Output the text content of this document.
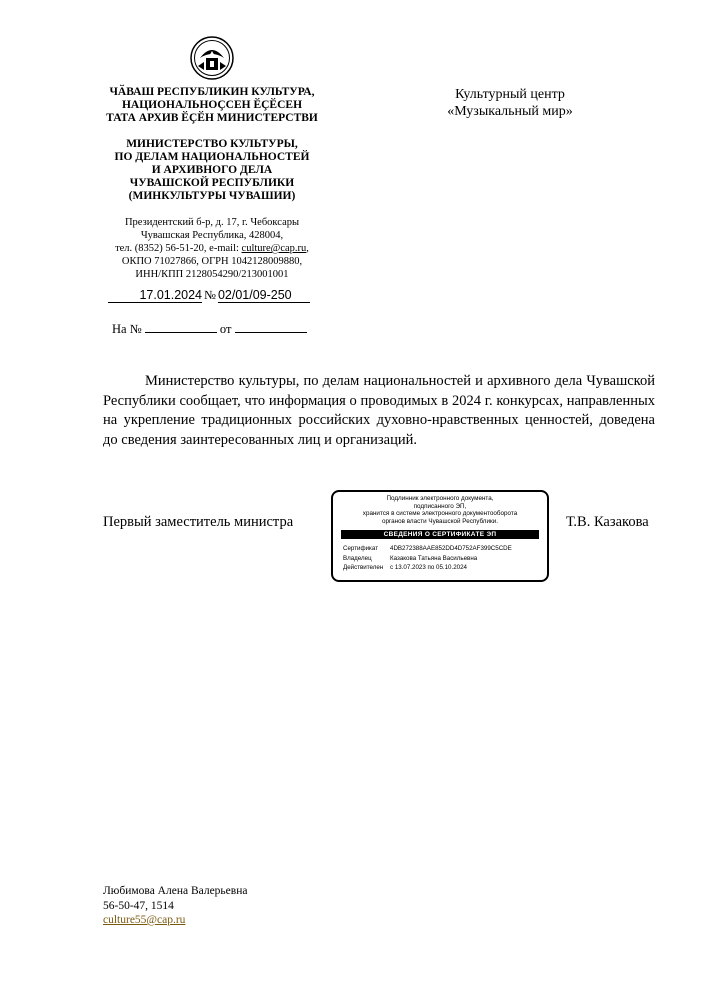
ЧӐВАШ РЕСПУБЛИКИН КУЛЬТУРА,
НАЦИОНАЛЬНОҪСЕН ӖҪӖСЕН
ТАТА АРХИВ ӖҪӖН МИНИСТЕРСТВИ
МИНИСТЕРСТВО КУЛЬТУРЫ,
ПО ДЕЛАМ НАЦИОНАЛЬНОСТЕЙ
И АРХИВНОГО ДЕЛА
ЧУВАШСКОЙ РЕСПУБЛИКИ
(МИНКУЛЬТУРЫ ЧУВАШИИ)
Президентский б-р, д. 17, г. Чебоксары
Чувашская Республика, 428004,
тел. (8352) 56-51-20, e-mail: culture@cap.ru,
ОКПО 71027866, ОГРН 1042128009880,
ИНН/КПП 2128054290/213001001
17.01.2024 № 02/01/09-250
На №	от
Культурный центр
«Музыкальный мир»

Министерство культуры, по делам национальностей и архивного дела Чувашской Республики сообщает, что информация о проводимых в 2024 г. конкурсах, направленных на укрепление традиционных российских духовно-нравственных ценностей, доведена до сведения заинтересованных лиц и организаций.

Первый заместитель министра	Т.В. Казакова
Подлинник электронного документа,
подписанного ЭП,
хранится в системе электронного документооборота
органов власти Чувашской Республики.
СВЕДЕНИЯ О СЕРТИФИКАТЕ ЭП
Сертификат	4DB272388AAE852DD4D752AF399C5CDE
Владелец	Казакова Татьяна Васильевна
Действителен	с 13.07.2023 по 05.10.2024
Любимова Алена Валерьевна
56-50-47, 1514
culture55@cap.ru
